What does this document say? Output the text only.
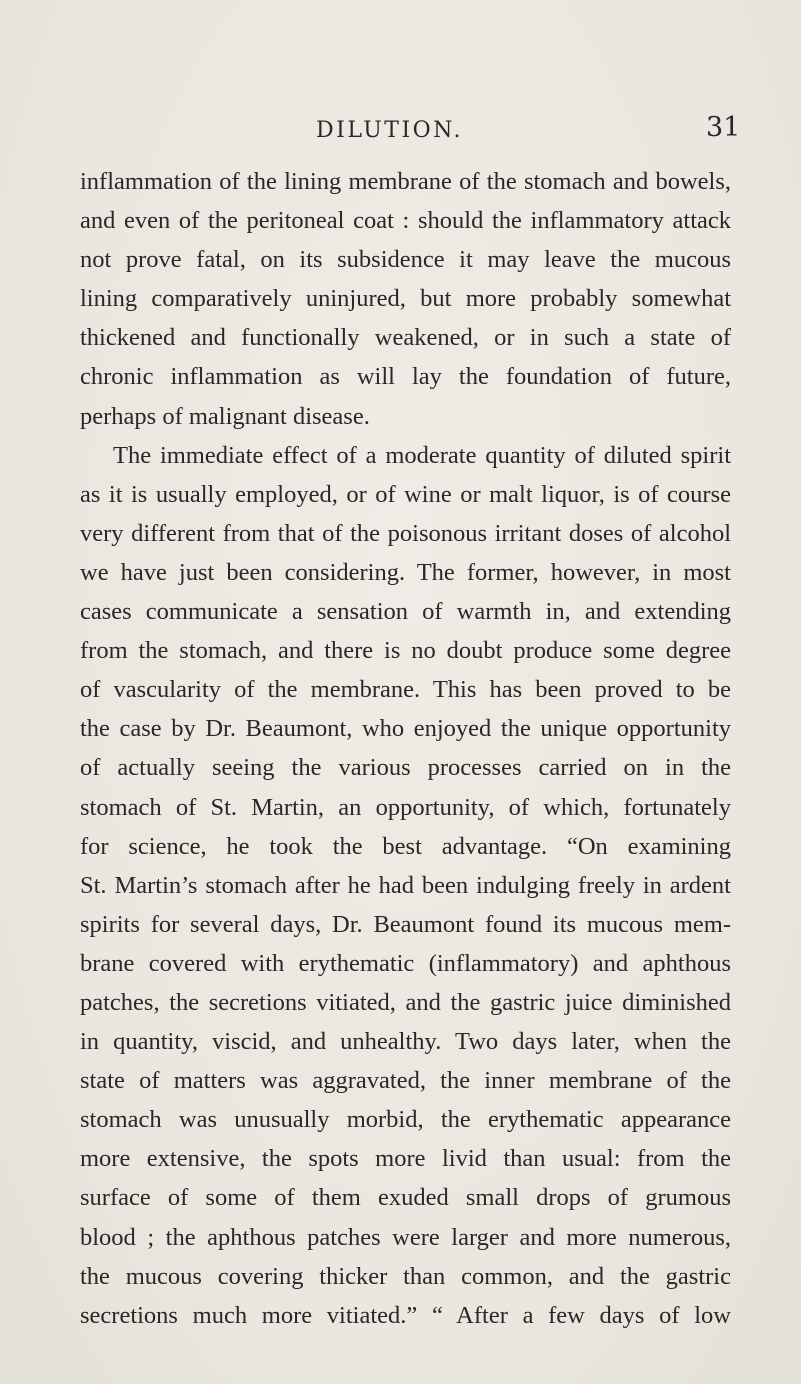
DILUTION.	31
inflammation of the lining membrane of the stomach and bowels,
and even of the peritoneal coat : should the inflammatory attack
not prove fatal, on its subsidence it may leave the mucous
lining comparatively uninjured, but more probably somewhat
thickened and functionally weakened, or in such a state of
chronic inflammation as will lay the foundation of future,
perhaps of malignant disease.
The immediate effect of a moderate quantity of diluted spirit
as it is usually employed, or of wine or malt liquor, is of course
very different from that of the poisonous irritant doses of alcohol
we have just been considering. The former, however, in most
cases communicate a sensation of warmth in, and extending
from the stomach, and there is no doubt produce some degree
of vascularity of the membrane. This has been proved to be
the case by Dr. Beaumont, who enjoyed the unique opportunity
of actually seeing the various processes carried on in the
stomach of St. Martin, an opportunity, of which, fortunately
for science, he took the best advantage. “On examining
St. Martin’s stomach after he had been indulging freely in ardent
spirits for several days, Dr. Beaumont found its mucous mem-
brane covered with erythematic (inflammatory) and aphthous
patches, the secretions vitiated, and the gastric juice diminished
in quantity, viscid, and unhealthy. Two days later, when the
state of matters was aggravated, the inner membrane of the
stomach was unusually morbid, the erythematic appearance
more extensive, the spots more livid than usual: from the
surface of some of them exuded small drops of grumous
blood ; the aphthous patches were larger and more numerous,
the mucous covering thicker than common, and the gastric
secretions much more vitiated.” “ After a few days of low
